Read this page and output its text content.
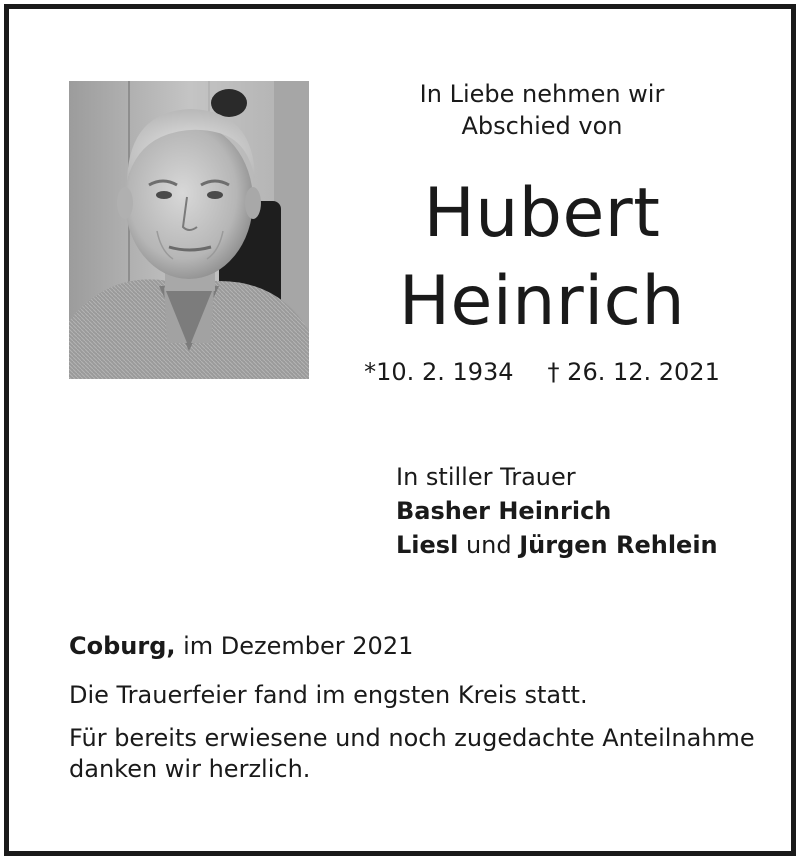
In Liebe nehmen wir
Abschied von
Hubert
Heinrich
*10. 2. 1934 † 26. 12. 2021
In stiller Trauer
Basher Heinrich
Liesl und Jürgen Rehlein
Coburg, im Dezember 2021

Die Trauerfeier fand im engsten Kreis statt.

Für bereits erwiesene und noch zugedachte Anteilnahme
danken wir herzlich.
